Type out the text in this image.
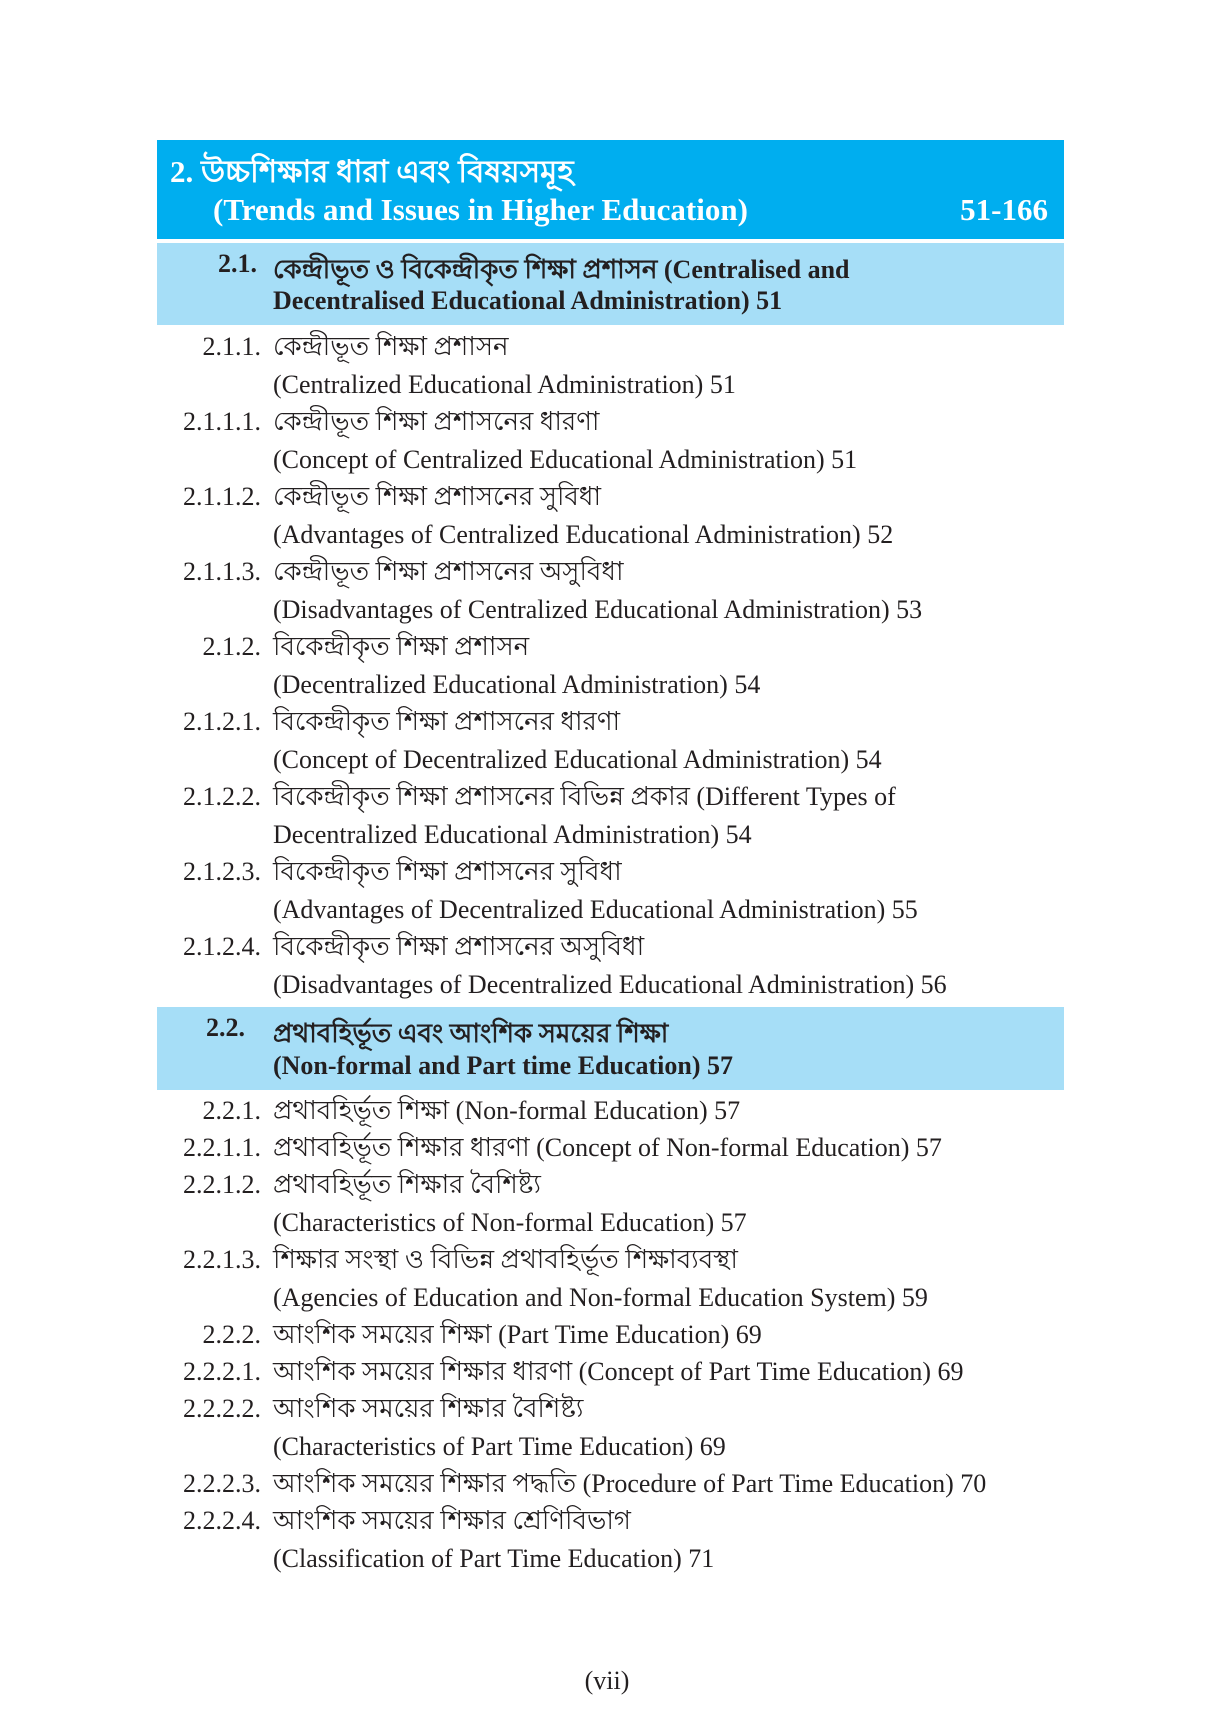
2. উচ্চশিক্ষার ধারা এবং বিষয়সমূহ
(Trends and Issues in Higher Education)	51-166
2.1. কেন্দ্রীভূত ও বিকেন্দ্রীকৃত শিক্ষা প্রশাসন (Centralised and
Decentralised Educational Administration) 51
2.1.1. কেন্দ্রীভূত শিক্ষা প্রশাসন
(Centralized Educational Administration) 51
2.1.1.1. কেন্দ্রীভূত শিক্ষা প্রশাসনের ধারণা
(Concept of Centralized Educational Administration) 51
2.1.1.2. কেন্দ্রীভূত শিক্ষা প্রশাসনের সুবিধা
(Advantages of Centralized Educational Administration) 52
2.1.1.3. কেন্দ্রীভূত শিক্ষা প্রশাসনের অসুবিধা
(Disadvantages of Centralized Educational Administration) 53
2.1.2. বিকেন্দ্রীকৃত শিক্ষা প্রশাসন
(Decentralized Educational Administration) 54
2.1.2.1. বিকেন্দ্রীকৃত শিক্ষা প্রশাসনের ধারণা
(Concept of Decentralized Educational Administration) 54
2.1.2.2. বিকেন্দ্রীকৃত শিক্ষা প্রশাসনের বিভিন্ন প্রকার (Different Types of
Decentralized Educational Administration) 54
2.1.2.3. বিকেন্দ্রীকৃত শিক্ষা প্রশাসনের সুবিধা
(Advantages of Decentralized Educational Administration) 55
2.1.2.4. বিকেন্দ্রীকৃত শিক্ষা প্রশাসনের অসুবিধা
(Disadvantages of Decentralized Educational Administration) 56
2.2. প্রথাবহির্ভূত এবং আংশিক সময়ের শিক্ষা
(Non-formal and Part time Education) 57
2.2.1. প্রথাবহির্ভূত শিক্ষা (Non-formal Education) 57
2.2.1.1. প্রথাবহির্ভূত শিক্ষার ধারণা (Concept of Non-formal Education) 57
2.2.1.2. প্রথাবহির্ভূত শিক্ষার বৈশিষ্ট্য
(Characteristics of Non-formal Education) 57
2.2.1.3. শিক্ষার সংস্থা ও বিভিন্ন প্রথাবহির্ভূত শিক্ষাব্যবস্থা
(Agencies of Education and Non-formal Education System) 59
2.2.2. আংশিক সময়ের শিক্ষা (Part Time Education) 69
2.2.2.1. আংশিক সময়ের শিক্ষার ধারণা (Concept of Part Time Education) 69
2.2.2.2. আংশিক সময়ের শিক্ষার বৈশিষ্ট্য
(Characteristics of Part Time Education) 69
2.2.2.3. আংশিক সময়ের শিক্ষার পদ্ধতি (Procedure of Part Time Education) 70
2.2.2.4. আংশিক সময়ের শিক্ষার শ্রেণিবিভাগ
(Classification of Part Time Education) 71
(vii)
